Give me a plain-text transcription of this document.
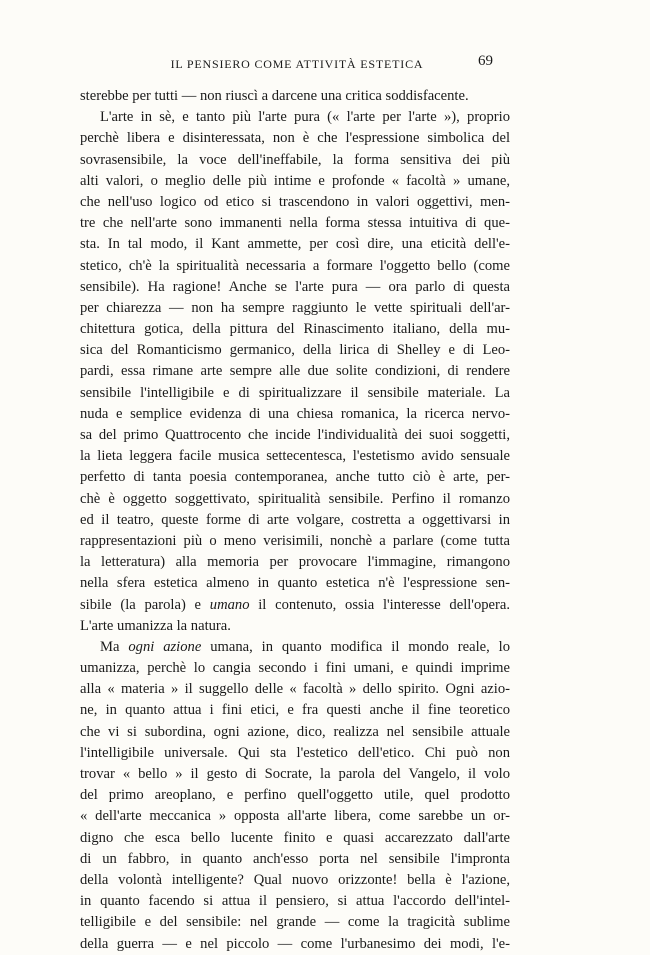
IL PENSIERO COME ATTIVITÀ ESTETICA	69
sterebbe per tutti — non riuscì a darcene una critica soddisfacente.
L'arte in sè, e tanto più l'arte pura (« l'arte per l'arte »), proprio
perchè libera e disinteressata, non è che l'espressione simbolica del
sovrasensibile, la voce dell'ineffabile, la forma sensitiva dei più
alti valori, o meglio delle più intime e profonde « facoltà » umane,
che nell'uso logico od etico si trascendono in valori oggettivi, men-
tre che nell'arte sono immanenti nella forma stessa intuitiva di que-
sta. In tal modo, il Kant ammette, per così dire, una eticità dell'e-
stetico, ch'è la spiritualità necessaria a formare l'oggetto bello (come
sensibile). Ha ragione! Anche se l'arte pura — ora parlo di questa
per chiarezza — non ha sempre raggiunto le vette spirituali dell'ar-
chitettura gotica, della pittura del Rinascimento italiano, della mu-
sica del Romanticismo germanico, della lirica di Shelley e di Leo-
pardi, essa rimane arte sempre alle due solite condizioni, di rendere
sensibile l'intelligibile e di spiritualizzare il sensibile materiale. La
nuda e semplice evidenza di una chiesa romanica, la ricerca nervo-
sa del primo Quattrocento che incide l'individualità dei suoi soggetti,
la lieta leggera facile musica settecentesca, l'estetismo avido sensuale
perfetto di tanta poesia contemporanea, anche tutto ciò è arte, per-
chè è oggetto soggettivato, spiritualità sensibile. Perfino il romanzo
ed il teatro, queste forme di arte volgare, costretta a oggettivarsi in
rappresentazioni più o meno verisimili, nonchè a parlare (come tutta
la letteratura) alla memoria per provocare l'immagine, rimangono
nella sfera estetica almeno in quanto estetica n'è l'espressione sen-
sibile (la parola) e umano il contenuto, ossia l'interesse dell'opera.
L'arte umanizza la natura.
Ma ogni azione umana, in quanto modifica il mondo reale, lo
umanizza, perchè lo cangia secondo i fini umani, e quindi imprime
alla « materia » il suggello delle « facoltà » dello spirito. Ogni azio-
ne, in quanto attua i fini etici, e fra questi anche il fine teoretico
che vi si subordina, ogni azione, dico, realizza nel sensibile attuale
l'intelligibile universale. Qui sta l'estetico dell'etico. Chi può non
trovar « bello » il gesto di Socrate, la parola del Vangelo, il volo
del primo areoplano, e perfino quell'oggetto utile, quel prodotto
« dell'arte meccanica » opposta all'arte libera, come sarebbe un or-
digno che esca bello lucente finito e quasi accarezzato dall'arte
di un fabbro, in quanto anch'esso porta nel sensibile l'impronta
della volontà intelligente? Qual nuovo orizzonte! bella è l'azione,
in quanto facendo si attua il pensiero, si attua l'accordo dell'intel-
telligibile e del sensibile: nel grande — come la tragicità sublime
della guerra — e nel piccolo — come l'urbanesimo dei modi, l'e-
